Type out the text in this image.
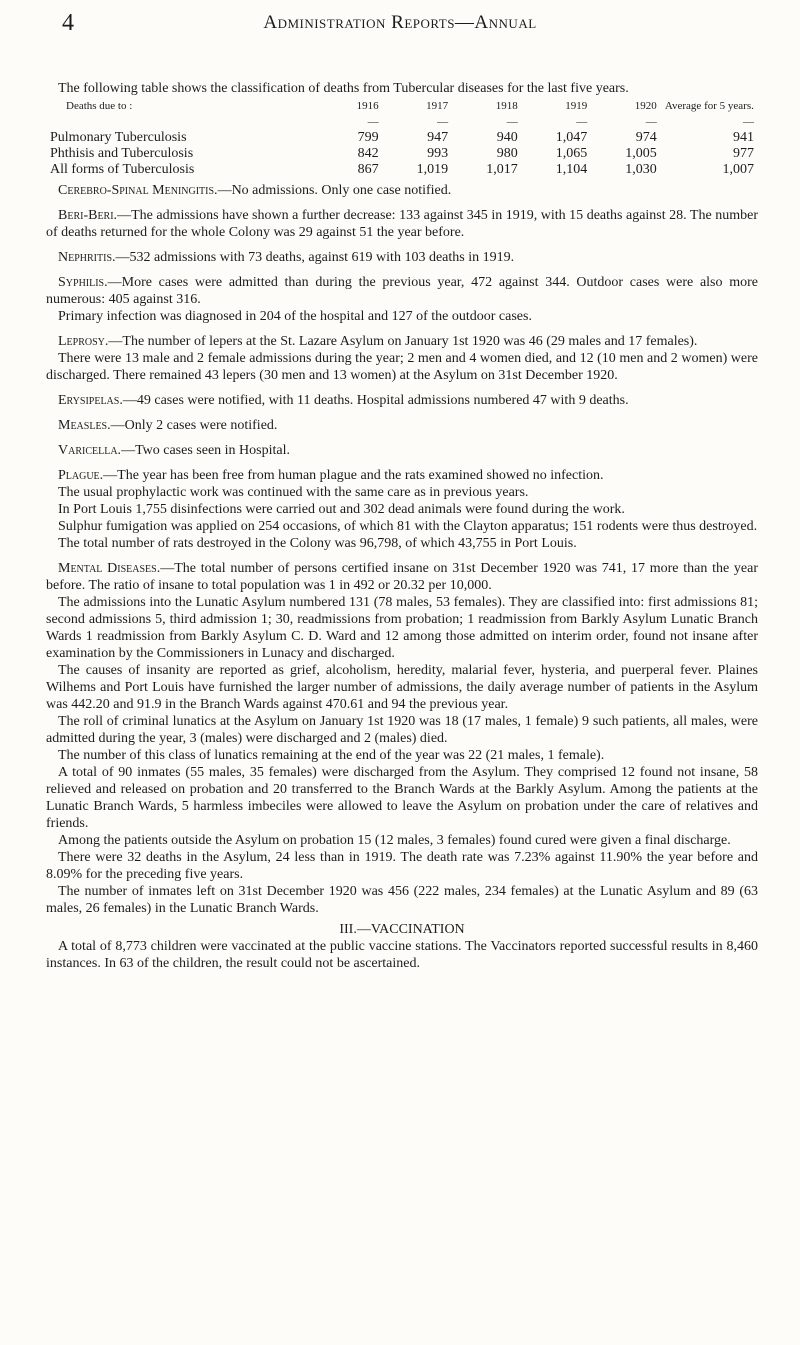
4	Administration Reports—Annual

The following table shows the classification of deaths from Tubercular diseases for the last five years.

Deaths due to :	1916	1917	1918	1919	1920	Average for 5 years.
	—	—	—	—	—	—
Pulmonary Tuberculosis	799	947	940	1,047	974	941
Phthisis and Tuberculosis	842	993	980	1,065	1,005	977
All forms of Tuberculosis	867	1,019	1,017	1,104	1,030	1,007

Cerebro-Spinal Meningitis.—No admissions. Only one case notified.

Beri-Beri.—The admissions have shown a further decrease: 133 against 345 in 1919, with 15 deaths against 28. The number of deaths returned for the whole Colony was 29 against 51 the year before.

Nephritis.—532 admissions with 73 deaths, against 619 with 103 deaths in 1919.

Syphilis.—More cases were admitted than during the previous year, 472 against 344. Outdoor cases were also more numerous: 405 against 316.

Primary infection was diagnosed in 204 of the hospital and 127 of the outdoor cases.

Leprosy.—The number of lepers at the St. Lazare Asylum on January 1st 1920 was 46 (29 males and 17 females).

There were 13 male and 2 female admissions during the year; 2 men and 4 women died, and 12 (10 men and 2 women) were discharged. There remained 43 lepers (30 men and 13 women) at the Asylum on 31st December 1920.

Erysipelas.—49 cases were notified, with 11 deaths. Hospital admissions numbered 47 with 9 deaths.

Measles.—Only 2 cases were notified.

Varicella.—Two cases seen in Hospital.

Plague.—The year has been free from human plague and the rats examined showed no infection.

The usual prophylactic work was continued with the same care as in previous years.

In Port Louis 1,755 disinfections were carried out and 302 dead animals were found during the work.

Sulphur fumigation was applied on 254 occasions, of which 81 with the Clayton apparatus; 151 rodents were thus destroyed.

The total number of rats destroyed in the Colony was 96,798, of which 43,755 in Port Louis.

Mental Diseases.—The total number of persons certified insane on 31st December 1920 was 741, 17 more than the year before. The ratio of insane to total population was 1 in 492 or 20.32 per 10,000.

The admissions into the Lunatic Asylum numbered 131 (78 males, 53 females). They are classified into: first admissions 81; second admissions 5, third admission 1; 30, readmissions from probation; 1 readmission from Barkly Asylum Lunatic Branch Wards 1 readmission from Barkly Asylum C. D. Ward and 12 among those admitted on interim order, found not insane after examination by the Commissioners in Lunacy and discharged.

The causes of insanity are reported as grief, alcoholism, heredity, malarial fever, hysteria, and puerperal fever. Plaines Wilhems and Port Louis have furnished the larger number of admissions, the daily average number of patients in the Asylum was 442.20 and 91.9 in the Branch Wards against 470.61 and 94 the previous year.

The roll of criminal lunatics at the Asylum on January 1st 1920 was 18 (17 males, 1 female) 9 such patients, all males, were admitted during the year, 3 (males) were discharged and 2 (males) died.

The number of this class of lunatics remaining at the end of the year was 22 (21 males, 1 female).

A total of 90 inmates (55 males, 35 females) were discharged from the Asylum. They comprised 12 found not insane, 58 relieved and released on probation and 20 transferred to the Branch Wards at the Barkly Asylum. Among the patients at the Lunatic Branch Wards, 5 harmless imbeciles were allowed to leave the Asylum on probation under the care of relatives and friends.

Among the patients outside the Asylum on probation 15 (12 males, 3 females) found cured were given a final discharge.

There were 32 deaths in the Asylum, 24 less than in 1919. The death rate was 7.23% against 11.90% the year before and 8.09% for the preceding five years.

The number of inmates left on 31st December 1920 was 456 (222 males, 234 females) at the Lunatic Asylum and 89 (63 males, 26 females) in the Lunatic Branch Wards.

III.—VACCINATION

A total of 8,773 children were vaccinated at the public vaccine stations. The Vaccinators reported successful results in 8,460 instances. In 63 of the children, the result could not be ascertained.
